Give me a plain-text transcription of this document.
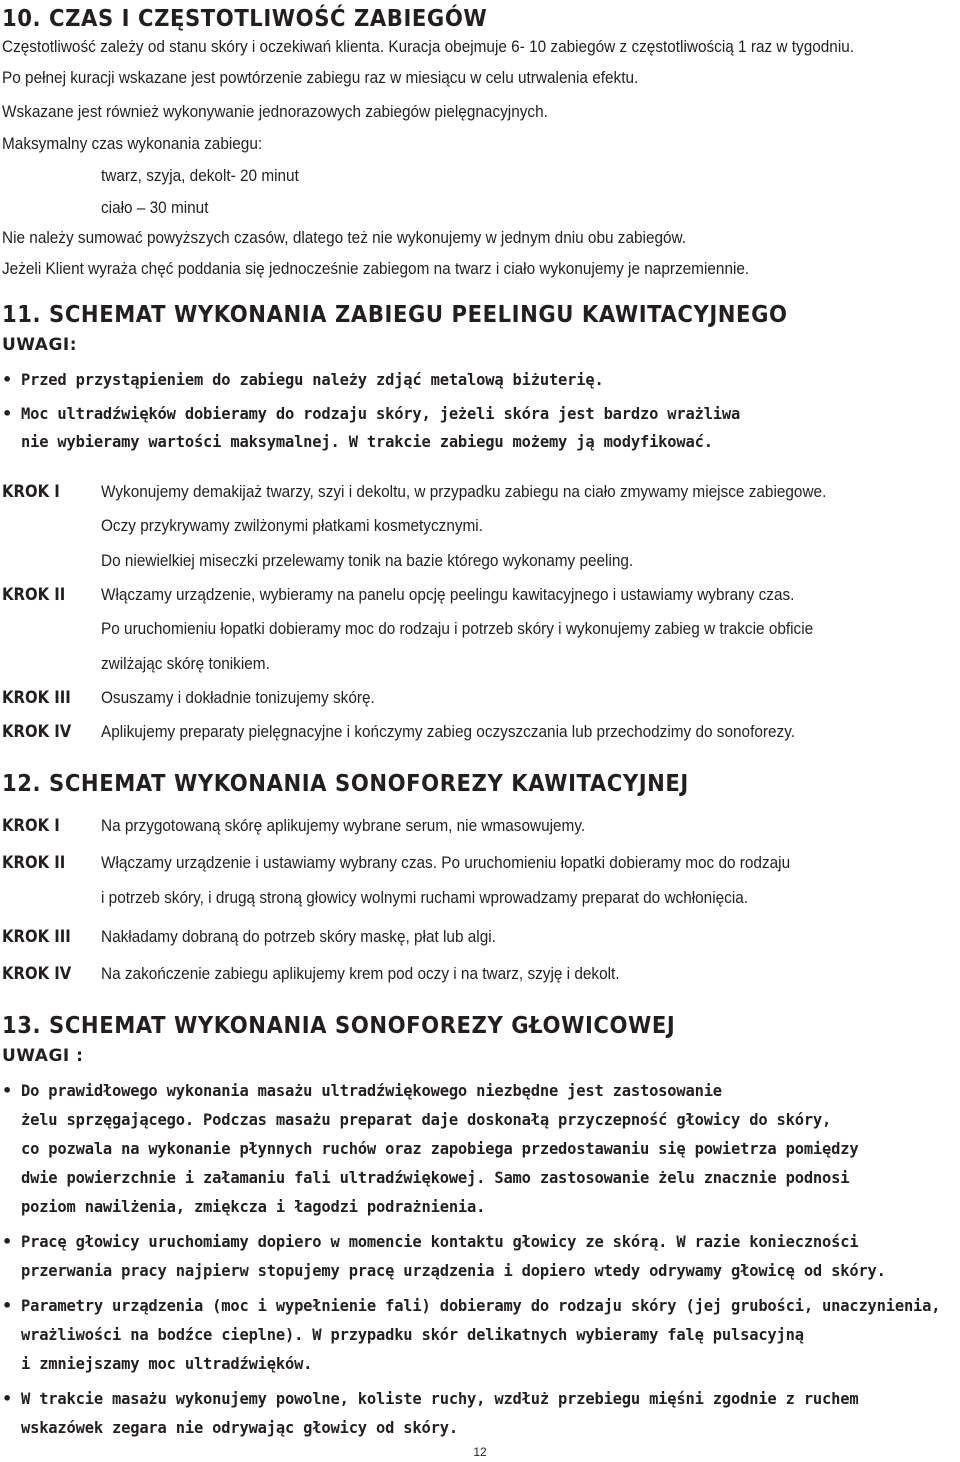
10. CZAS I CZĘSTOTLIWOŚĆ ZABIEGÓW
Częstotliwość zależy od stanu skóry i oczekiwań klienta. Kuracja obejmuje 6- 10 zabiegów z częstotliwością 1 raz w tygodniu.
Po pełnej kuracji wskazane jest powtórzenie zabiegu raz w miesiącu w celu utrwalenia efektu.
Wskazane jest również wykonywanie jednorazowych zabiegów pielęgnacyjnych.
Maksymalny czas wykonania zabiegu:
twarz, szyja, dekolt- 20 minut
ciało – 30 minut
Nie należy sumować powyższych czasów, dlatego też nie wykonujemy w jednym dniu obu zabiegów.
Jeżeli Klient wyraża chęć poddania się jednocześnie zabiegom na twarz i ciało wykonujemy je naprzemiennie.
11. SCHEMAT WYKONANIA ZABIEGU PEELINGU KAWITACYJNEGO
UWAGI:
• Przed przystąpieniem do zabiegu należy zdjąć metalową biżuterię.
• Moc ultradźwięków dobieramy do rodzaju skóry, jeżeli skóra jest bardzo wrażliwa
nie wybieramy wartości maksymalnej. W trakcie zabiegu możemy ją modyfikować.
KROK I Wykonujemy demakijaż twarzy, szyi i dekoltu, w przypadku zabiegu na ciało zmywamy miejsce zabiegowe.
Oczy przykrywamy zwilżonymi płatkami kosmetycznymi.
Do niewielkiej miseczki przelewamy tonik na bazie którego wykonamy peeling.
KROK II Włączamy urządzenie, wybieramy na panelu opcję peelingu kawitacyjnego i ustawiamy wybrany czas.
Po uruchomieniu łopatki dobieramy moc do rodzaju i potrzeb skóry i wykonujemy zabieg w trakcie obficie
zwilżając skórę tonikiem.
KROK III Osuszamy i dokładnie tonizujemy skórę.
KROK IV Aplikujemy preparaty pielęgnacyjne i kończymy zabieg oczyszczania lub przechodzimy do sonoforezy.
12. SCHEMAT WYKONANIA SONOFOREZY KAWITACYJNEJ
KROK I Na przygotowaną skórę aplikujemy wybrane serum, nie wmasowujemy.
KROK II Włączamy urządzenie i ustawiamy wybrany czas. Po uruchomieniu łopatki dobieramy moc do rodzaju
i potrzeb skóry, i drugą stroną głowicy wolnymi ruchami wprowadzamy preparat do wchłonięcia.
KROK III Nakładamy dobraną do potrzeb skóry maskę, płat lub algi.
KROK IV Na zakończenie zabiegu aplikujemy krem pod oczy i na twarz, szyję i dekolt.
13. SCHEMAT WYKONANIA SONOFOREZY GŁOWICOWEJ
UWAGI :
• Do prawidłowego wykonania masażu ultradźwiękowego niezbędne jest zastosowanie
żelu sprzęgającego. Podczas masażu preparat daje doskonałą przyczepność głowicy do skóry,
co pozwala na wykonanie płynnych ruchów oraz zapobiega przedostawaniu się powietrza pomiędzy
dwie powierzchnie i załamaniu fali ultradźwiękowej. Samo zastosowanie żelu znacznie podnosi
poziom nawilżenia, zmiękcza i łagodzi podrażnienia.
• Pracę głowicy uruchomiamy dopiero w momencie kontaktu głowicy ze skórą. W razie konieczności
przerwania pracy najpierw stopujemy pracę urządzenia i dopiero wtedy odrywamy głowicę od skóry.
• Parametry urządzenia (moc i wypełnienie fali) dobieramy do rodzaju skóry (jej grubości, unaczynienia,
wrażliwości na bodźce cieplne). W przypadku skór delikatnych wybieramy falę pulsacyjną
i zmniejszamy moc ultradźwięków.
• W trakcie masażu wykonujemy powolne, koliste ruchy, wzdłuż przebiegu mięśni zgodnie z ruchem
wskazówek zegara nie odrywając głowicy od skóry.
12
